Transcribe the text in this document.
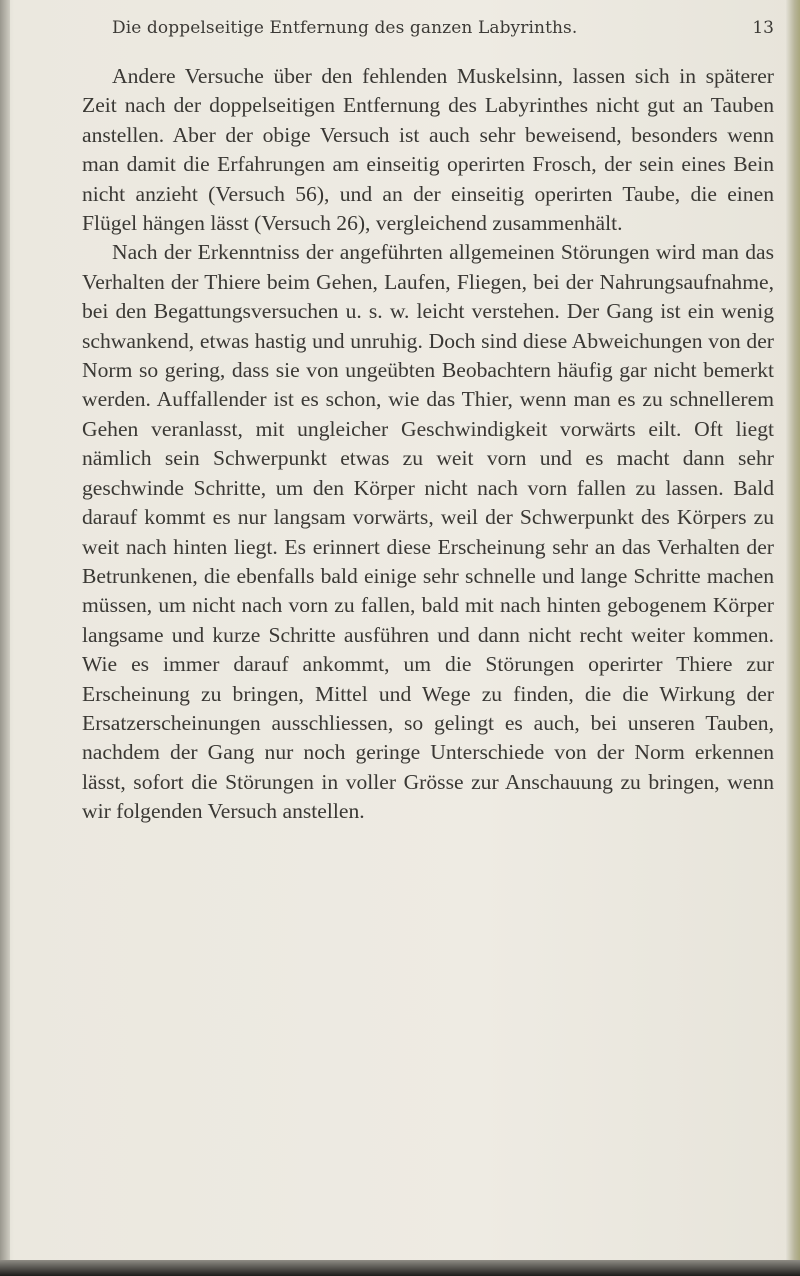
Die doppelseitige Entfernung des ganzen Labyrinths.	13

Andere Versuche über den fehlenden Muskelsinn, lassen sich in späterer Zeit nach der doppelseitigen Entfernung des Labyrinthes nicht gut an Tauben anstellen. Aber der obige Versuch ist auch sehr beweisend, besonders wenn man damit die Erfahrungen am einseitig operirten Frosch, der sein eines Bein nicht anzieht (Versuch 56), und an der einseitig operirten Taube, die einen Flügel hängen lässt (Versuch 26), vergleichend zusammenhält.

Nach der Erkenntniss der angeführten allgemeinen Störungen wird man das Verhalten der Thiere beim Gehen, Laufen, Fliegen, bei der Nahrungsaufnahme, bei den Begattungsversuchen u. s. w. leicht verstehen. Der Gang ist ein wenig schwankend, etwas hastig und unruhig. Doch sind diese Abweichungen von der Norm so gering, dass sie von ungeübten Beobachtern häufig gar nicht bemerkt werden. Auffallender ist es schon, wie das Thier, wenn man es zu schnellerem Gehen veranlasst, mit ungleicher Geschwindigkeit vorwärts eilt. Oft liegt nämlich sein Schwerpunkt etwas zu weit vorn und es macht dann sehr geschwinde Schritte, um den Körper nicht nach vorn fallen zu lassen. Bald darauf kommt es nur langsam vorwärts, weil der Schwerpunkt des Körpers zu weit nach hinten liegt. Es erinnert diese Erscheinung sehr an das Verhalten der Betrunkenen, die ebenfalls bald einige sehr schnelle und lange Schritte machen müssen, um nicht nach vorn zu fallen, bald mit nach hinten gebogenem Körper langsame und kurze Schritte ausführen und dann nicht recht weiter kommen. Wie es immer darauf ankommt, um die Störungen operirter Thiere zur Erscheinung zu bringen, Mittel und Wege zu finden, die die Wirkung der Ersatzerscheinungen ausschliessen, so gelingt es auch, bei unseren Tauben, nachdem der Gang nur noch geringe Unterschiede von der Norm erkennen lässt, sofort die Störungen in voller Grösse zur Anschauung zu bringen, wenn wir folgenden Versuch anstellen.
